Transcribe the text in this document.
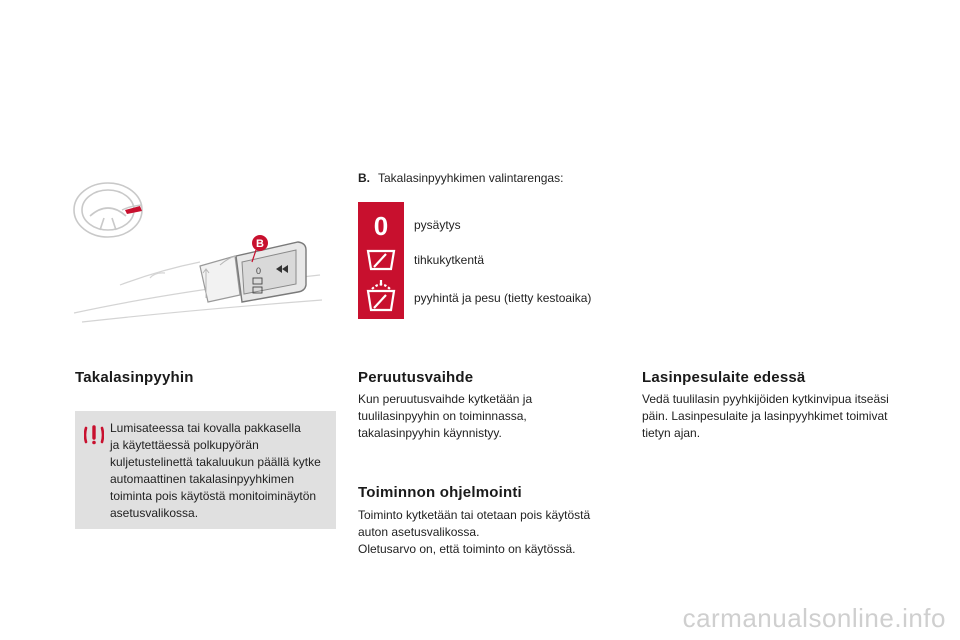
0
B
B. Takalasinpyyhkimen valintarengas:
0 pysäytys
tihkukytkentä
pyyhintä ja pesu (tietty kestoaika)
Takalasinpyyhin
Lumisateessa tai kovalla pakkasella
ja käytettäessä polkupyörän
kuljetustelinettä takaluukun päällä kytke
automaattinen takalasinpyyhkimen
toiminta pois käytöstä monitoiminäytön
asetusvalikossa.
Peruutusvaihde
Kun peruutusvaihde kytketään ja
tuulilasinpyyhin on toiminnassa,
takalasinpyyhin käynnistyy.
Toiminnon ohjelmointi
Toiminto kytketään tai otetaan pois käytöstä
auton asetusvalikossa.
Oletusarvo on, että toiminto on käytössä.
Lasinpesulaite edessä
Vedä tuulilasin pyyhkijöiden kytkinvipua itseäsi
päin. Lasinpesulaite ja lasinpyyhkimet toimivat
tietyn ajan.
carmanualsonline.info
